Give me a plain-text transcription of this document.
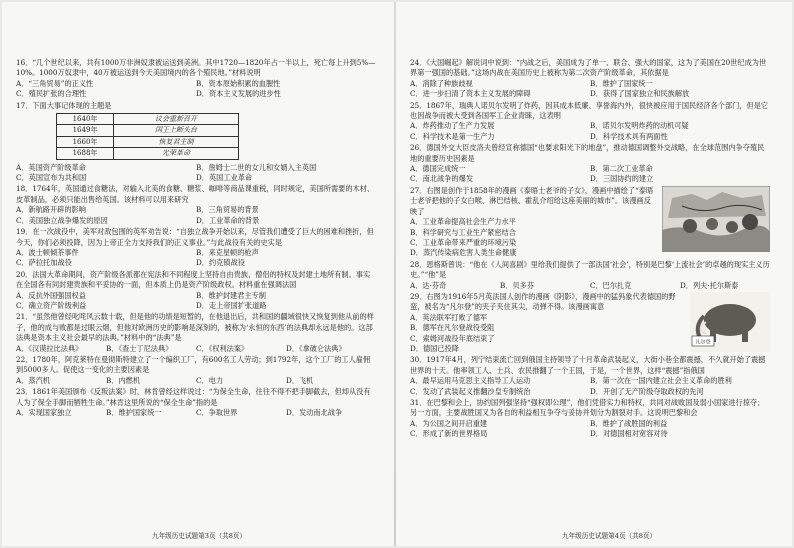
16．“几个世纪以来，共有1000万非洲奴隶被运送到美洲。其中1720—1820年占一半以上，死亡每上升到5%—10%。1000万奴隶中，40万被运送到今天美国境内的各个殖民地。”材料说明
A．“三角贸易”的正义性	B．资本原始积累的血腥性
C．殖民扩张的合理性	D．资本主义发展的进步性
17．下面大事记体现的主题是
1640年	议会重新召开
1649年	国王上断头台
1660年	恢复君主制
1688年	光荣革命
A．英国资产阶级革命	B．詹姆士二世的女儿和女婿入主英国
C．英国宣布为共和国	D．英国工业革命
18．1764年，英国通过食糖法，对输入北美的食糖、糖浆、咖啡等商品课重税，同时规定，美国所需要的木材、皮革制品，必须只能出售给英国。该材料可以用来研究
A．新航路开辟的影响	B．三角贸易的背景
C．美国独立战争爆发的原因	D．工业革命的背景
19．在一次战役中，美军对敌包围的英军劝告说：“自独立战争开始以来，尽管我们遭受了巨大的困难和挫折，但今天，你们必须投降，因为上帝正全力支持我们的正义事业。”与此战役有关的史实是
A．波士顿倾茶事件	B．来克星顿的枪声
C．萨拉托加战役	D．约克镇战役
20．法国大革命期间，资产阶级各派都在宪法和不同程度上坚持自由贵族、僧侣的特权及封建土地所有制。事实在全国各有同封建贵族和平妥协的一面，但本质上仍是资产阶级政权。材料重在强调法国
A．反抗外国强国权益	B．维护封建君主专制
C．确立资产阶级利益	D．走上帝国扩张道路
21．“虽然他曾经叱咤风云数十载，但是他的功绩是短暂的，在他退出后，共和国的疆域很快又恢复到他从前的样子，他的成与败都是过眼云烟，但他对欧洲历史的影响是深刻的，被称为‘永恒的东西’的法典却永远是他的。这部法典是资本主义社会最早的法典。”材料中的“法典”是
A．《汉谟拉比法典》	B．《查士丁尼法典》	C．《权利法案》	D．《拿破仑法典》
22．1780年，阿克莱特在曼彻斯特建立了一个编织工厂，有600名工人劳动；到1792年，这个工厂的工人雇佣到5000多人。促使这一变化的主要因素是
A．蒸汽机	B．内燃机	C．电力	D．飞机
23．1861年美国颁布《反叛法案》时，林肯曾经这样说过：“为保全生命，往往不得不把手脚截去，但却从没有人为了保全手脚而牺牲生命。”林肯这里所说的“保全生命”指的是
A．实现国家独立	B．维护国家统一	C．争取世界	D．发动南北战争
九年级历史试题第3页（共8页）
24．《大国崛起》解说词中说到：“内战之后，美国成为了单一、联合、强大的国家，这为了美国在20世纪成为世界第一强国的基础。”这场内战在美国历史上被称为第二次资产阶级革命，其依据是
A．消除了种族歧视	B．维护了国家统一
C．进一步扫清了资本主义发展的障碍	D．获得了国家独立和民族解放
25．1867年，瑞典人诺贝尔发明了炸药，因其成本低廉、享誉海内外，很快被应用于国民经济各个部门，但是它也因战争而被大受到各国军工企业青睐，这表明
A．炸药推动了生产力发展	B．诺贝尔发明炸药的动机可疑
C．科学技术是第一生产力	D．科学技术具有两面性
26．德国外交大臣皮洛夫曾经宣称德国“也要求阳光下的地盘”，推动德国调整外交战略，在全球范围内争夺殖民地的重要历史因素是
A．德国完成统一	B．第二次工业革命
C．南北战争的爆发	D．三国协约的建立
27．右图是创作于1858年的漫画《泰晤士老爷的子女》，漫画中描绘了“泰晤士老爷把他的子女白喉、淋巴结核、霍乱介绍给这座美丽的城市”。该漫画反映了
A．工业革命提高社会生产力水平
B．科学研究与工业生产紧密结合
C．工业革命带来严重的环境污染
D．蒸汽传染病危害人类生命健康
28．恩格斯曾说：“他在《人间喜剧》里给我们提供了一部法国‘社会’，特别是巴黎‘上流社会’的卓越的现实主义历史。”“他”是
A．达·芬奇	B．贝多芬	C．巴尔扎克	D．列夫·托尔斯泰
凡尔登
29．右图为1916年5月英法国人创作的漫画《阴影》，漫画中的猛犸象代表德国的野蛮，被名为“凡尔登”的夹子夹住其尖，动弹不得。该漫画寓意
A．英法联军打败了德军
B．德军在凡尔登战役受阻
C．索姆河战役年底结束了
D．德国已投降
30．1917年4月，列宁结束流亡回到俄国主持领导了十月革命武装起义，大街小巷全都震撼，不久就开始了震撼世界的十天。他率领工人、士兵、农民推翻了一个王国，于是，一个世界，这样“震撼”指俄国
A．最早运用马克思主义指导工人运动	B．第一次在一国内建立社会主义革命的胜利
C．发动了武装起义推翻沙皇专制统治	D．开创了无产阶级夺取政权的先河
31．在巴黎和会上，协约国列强坚持“强权即公理”，他们凭借实力和特权，共同对战败国及弱小国家进行掠夺；另一方面，主要战胜国又为各自的利益相互争夺与妥协并划分为割裂对手。这说明巴黎和会
A．为公国之间开启重建	B．维护了战胜国的利益
C．形成了新的世界格局	D．对德国相对宽容对待
九年级历史试题第4页（共8页）
